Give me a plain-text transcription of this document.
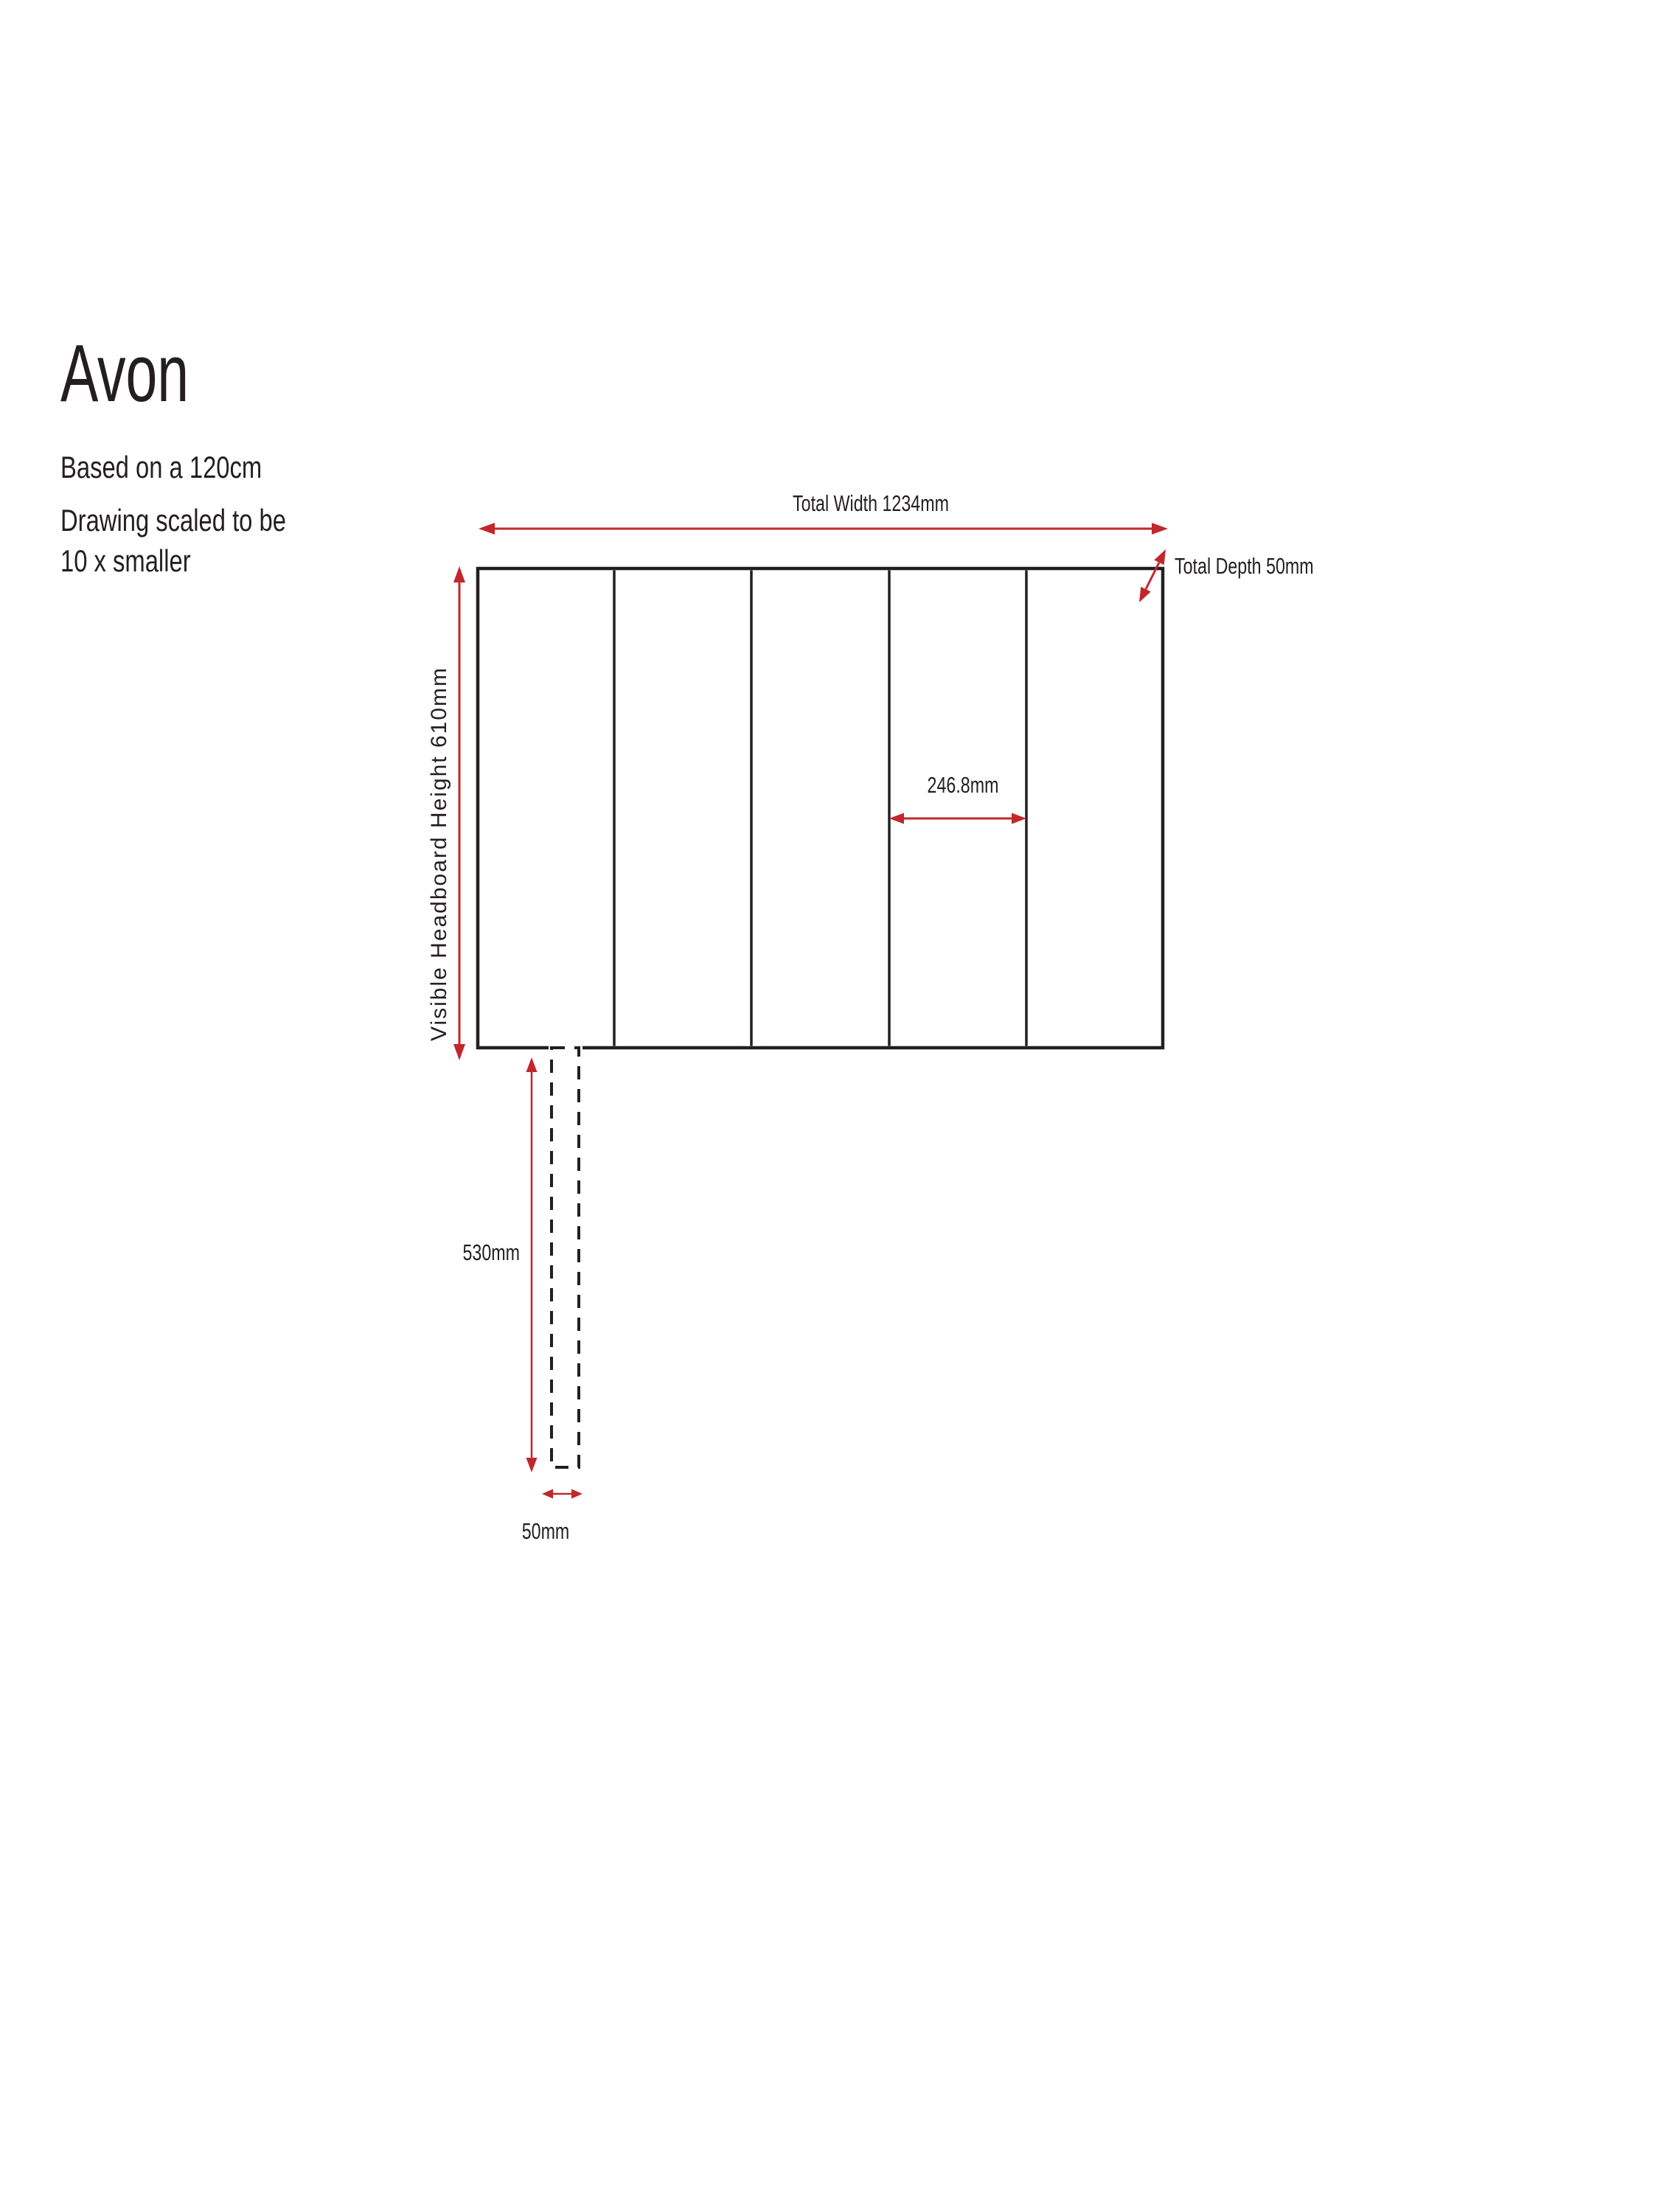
Avon
Based on a 120cm
Drawing scaled to be
10 x smaller
Total Width 1234mm
Total Depth 50mm
Visible Headboard Height 610mm	246.8mm
530mm
50mm
